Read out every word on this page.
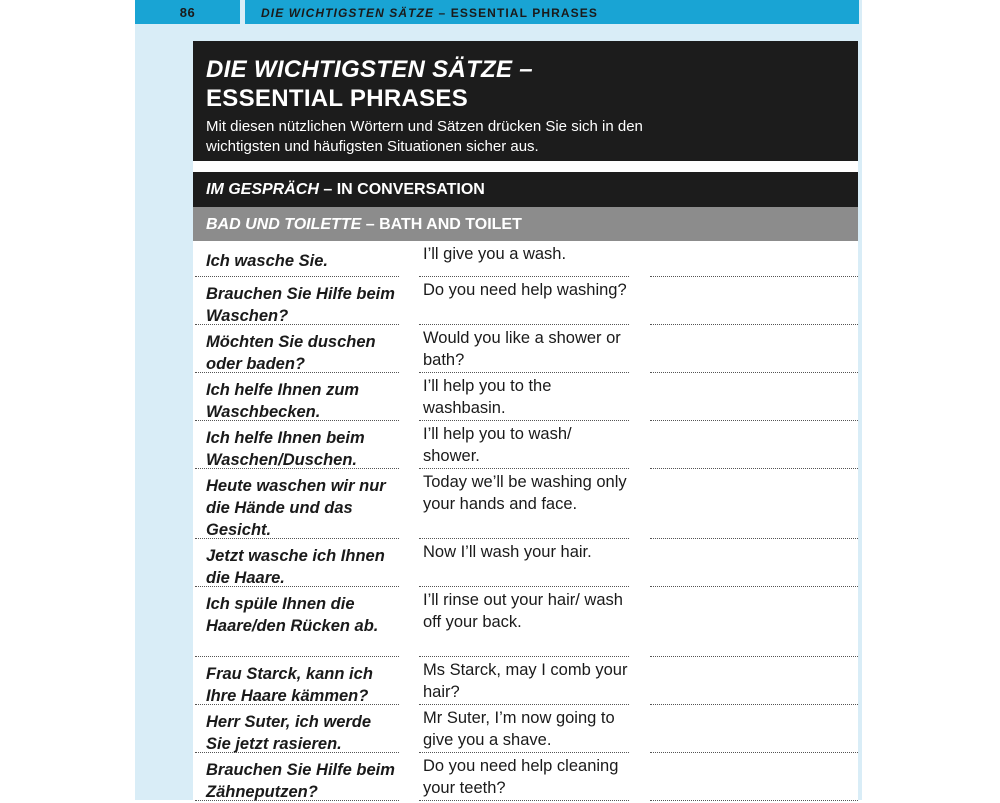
86	DIE WICHTIGSTEN SÄTZE – ESSENTIAL PHRASES
DIE WICHTIGSTEN SÄTZE –
ESSENTIAL PHRASES

Mit diesen nützlichen Wörtern und Sätzen drücken Sie sich in den wichtigsten und häufigsten Situationen sicher aus.

IM GESPRÄCH – IN CONVERSATION
BAD UND TOILETTE – BATH AND TOILET
Ich wasche Sie.	I’ll give you a wash.
Brauchen Sie Hilfe beim Waschen?
Do you need help washing?
Möchten Sie duschen oder baden?
Would you like a shower or bath?
Ich helfe Ihnen zum Waschbecken.
I’ll help you to the washbasin.
Ich helfe Ihnen beim Waschen/Duschen.
I’ll help you to wash/ shower.
Heute waschen wir nur die Hände und das Gesicht.
Today we’ll be washing only your hands and face.
Jetzt wasche ich Ihnen die Haare.
Now I’ll wash your hair.
Ich spüle Ihnen die Haare/den Rücken ab.
I’ll rinse out your hair/ wash off your back.
Frau Starck, kann ich Ihre Haare kämmen?
Ms Starck, may I comb your hair?
Herr Suter, ich werde Sie jetzt rasieren.
Mr Suter, I’m now going to give you a shave.
Brauchen Sie Hilfe beim Zähneputzen?
Do you need help cleaning your teeth?
